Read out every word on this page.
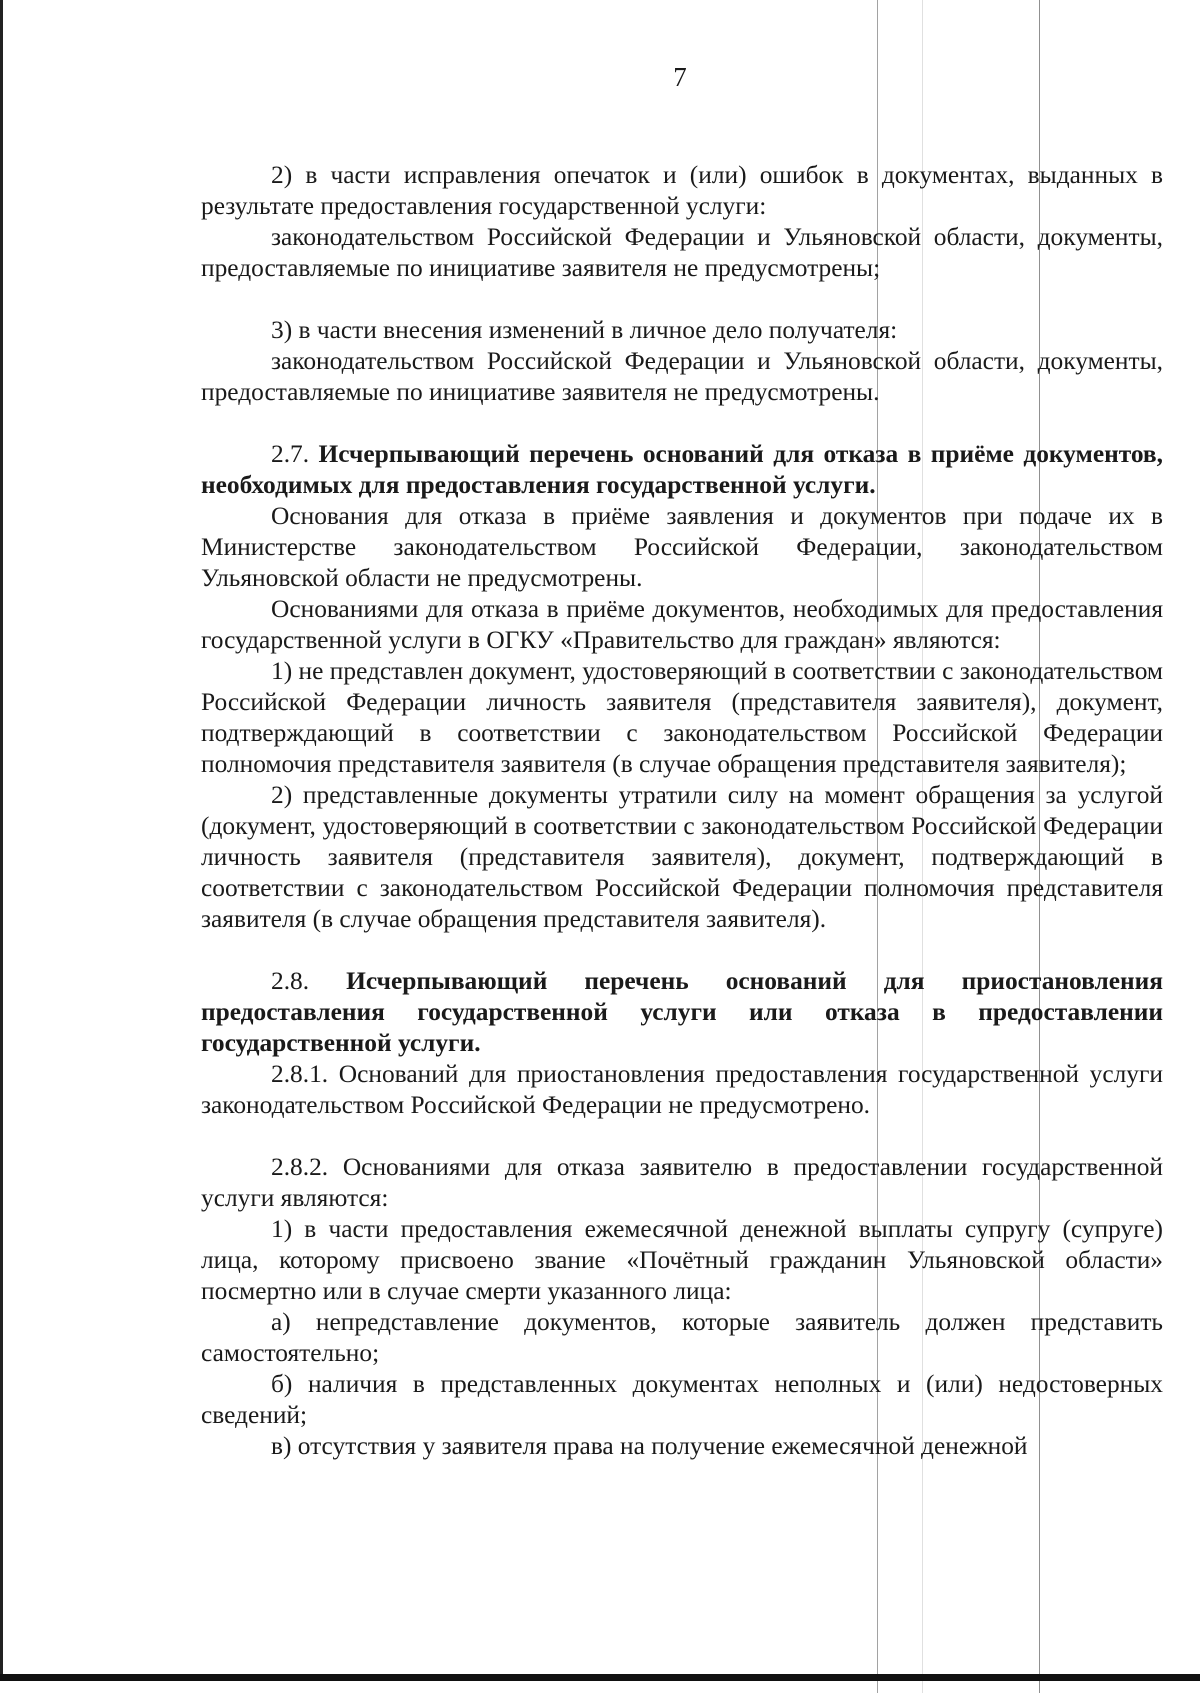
7

2) в части исправления опечаток и (или) ошибок в документах, выданных в результате предоставления государственной услуги:

законодательством Российской Федерации и Ульяновской области, документы, предоставляемые по инициативе заявителя не предусмотрены;

3) в части внесения изменений в личное дело получателя:

законодательством Российской Федерации и Ульяновской области, документы, предоставляемые по инициативе заявителя не предусмотрены.

2.7. Исчерпывающий перечень оснований для отказа в приёме документов, необходимых для предоставления государственной услуги.

Основания для отказа в приёме заявления и документов при подаче их в Министерстве законодательством Российской Федерации, законодательством Ульяновской области не предусмотрены.

Основаниями для отказа в приёме документов, необходимых для предоставления государственной услуги в ОГКУ «Правительство для граждан» являются:

1) не представлен документ, удостоверяющий в соответствии с законодательством Российской Федерации личность заявителя (представителя заявителя), документ, подтверждающий в соответствии с законодательством Российской Федерации полномочия представителя заявителя (в случае обращения представителя заявителя);

2) представленные документы утратили силу на момент обращения за услугой (документ, удостоверяющий в соответствии с законодательством Российской Федерации личность заявителя (представителя заявителя), документ, подтверждающий в соответствии с законодательством Российской Федерации полномочия представителя заявителя (в случае обращения представителя заявителя).

2.8. Исчерпывающий перечень оснований для приостановления предоставления государственной услуги или отказа в предоставлении государственной услуги.

2.8.1. Оснований для приостановления предоставления государственной услуги законодательством Российской Федерации не предусмотрено.

2.8.2. Основаниями для отказа заявителю в предоставлении государственной услуги являются:

1) в части предоставления ежемесячной денежной выплаты супругу (супруге) лица, которому присвоено звание «Почётный гражданин Ульяновской области» посмертно или в случае смерти указанного лица:

а) непредставление документов, которые заявитель должен представить самостоятельно;

б) наличия в представленных документах неполных и (или) недостоверных сведений;

в) отсутствия у заявителя права на получение ежемесячной денежной
